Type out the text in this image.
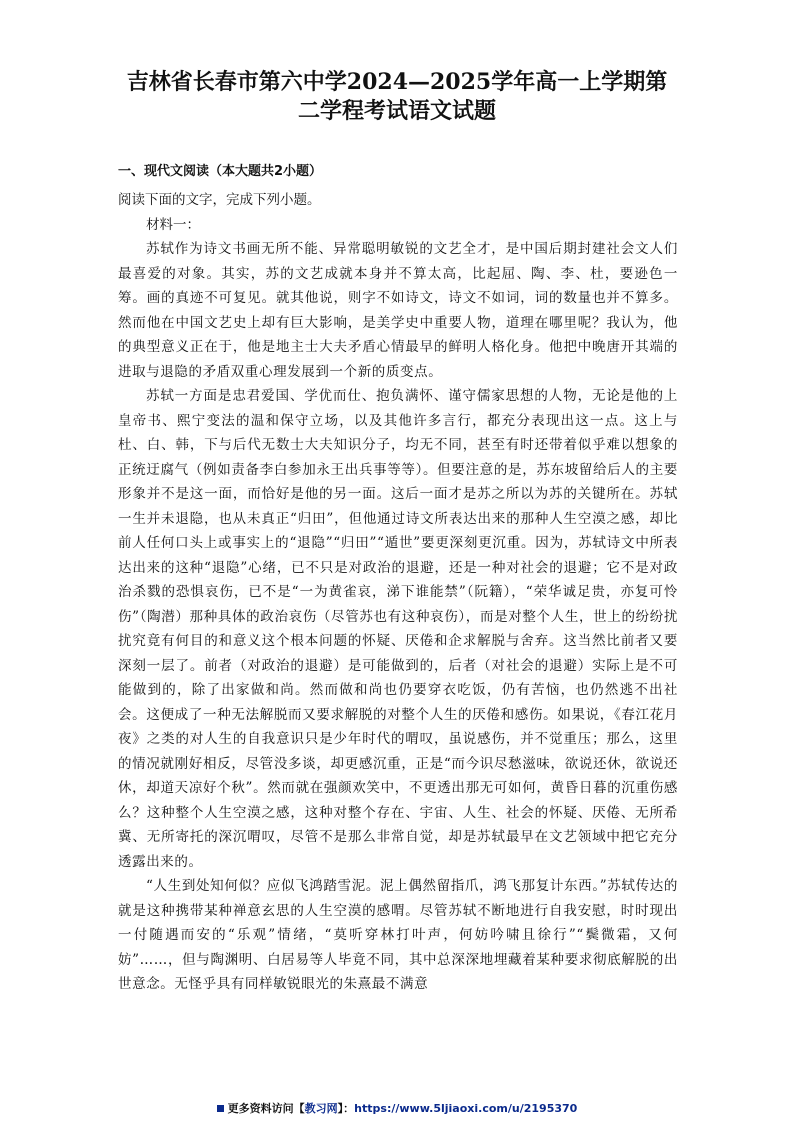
吉林省长春市第六中学2024—2025学年高一上学期第二学程考试语文试题
一、现代文阅读（本大题共2小题）

阅读下面的文字，完成下列小题。

材料一：

苏轼作为诗文书画无所不能、异常聪明敏锐的文艺全才，是中国后期封建社会文人们最喜爱的对象。其实，苏的文艺成就本身并不算太高，比起屈、陶、李、杜，要逊色一筹。画的真迹不可复见。就其他说，则字不如诗文，诗文不如词，词的数量也并不算多。然而他在中国文艺史上却有巨大影响，是美学史中重要人物，道理在哪里呢？我认为，他的典型意义正在于，他是地主士大夫矛盾心情最早的鲜明人格化身。他把中晚唐开其端的进取与退隐的矛盾双重心理发展到一个新的质变点。

苏轼一方面是忠君爱国、学优而仕、抱负满怀、谨守儒家思想的人物，无论是他的上皇帝书、熙宁变法的温和保守立场，以及其他许多言行，都充分表现出这一点。这上与杜、白、韩，下与后代无数士大夫知识分子，均无不同，甚至有时还带着似乎难以想象的正统迂腐气（例如责备李白参加永王出兵事等等）。但要注意的是，苏东坡留给后人的主要形象并不是这一面，而恰好是他的另一面。这后一面才是苏之所以为苏的关键所在。苏轼一生并未退隐，也从未真正“归田”，但他通过诗文所表达出来的那种人生空漠之感，却比前人任何口头上或事实上的“退隐”“归田”“遁世”要更深刻更沉重。因为，苏轼诗文中所表达出来的这种“退隐”心绪，已不只是对政治的退避，还是一种对社会的退避；它不是对政治杀戮的恐惧哀伤，已不是“一为黄雀哀，涕下谁能禁”（阮籍），“荣华诚足贵，亦复可怜伤”（陶潜）那种具体的政治哀伤（尽管苏也有这种哀伤），而是对整个人生，世上的纷纷扰扰究竟有何目的和意义这个根本问题的怀疑、厌倦和企求解脱与舍弃。这当然比前者又要深刻一层了。前者（对政治的退避）是可能做到的，后者（对社会的退避）实际上是不可能做到的，除了出家做和尚。然而做和尚也仍要穿衣吃饭，仍有苦恼，也仍然逃不出社会。这便成了一种无法解脱而又要求解脱的对整个人生的厌倦和感伤。如果说，《春江花月夜》之类的对人生的自我意识只是少年时代的喟叹，虽说感伤，并不觉重压；那么，这里的情况就刚好相反，尽管没多谈，却更感沉重，正是“而今识尽愁滋味，欲说还休，欲说还休，却道天凉好个秋”。然而就在强颜欢笑中，不更透出那无可如何，黄昏日暮的沉重伤感么？这种整个人生空漠之感，这种对整个存在、宇宙、人生、社会的怀疑、厌倦、无所希冀、无所寄托的深沉喟叹，尽管不是那么非常自觉，却是苏轼最早在文艺领域中把它充分透露出来的。

“人生到处知何似？应似飞鸿踏雪泥。泥上偶然留指爪，鸿飞那复计东西。”苏轼传达的就是这种携带某种禅意玄思的人生空漠的感喟。尽管苏轼不断地进行自我安慰，时时现出一付随遇而安的“乐观”情绪，“莫听穿林打叶声，何妨吟啸且徐行”“鬓微霜，又何妨”……，但与陶渊明、白居易等人毕竟不同，其中总深深地埋藏着某种要求彻底解脱的出世意念。无怪乎具有同样敏锐眼光的朱熹最不满意

更多资料访问【教习网】：https://www.5ljiaoxi.com/u/2195370
